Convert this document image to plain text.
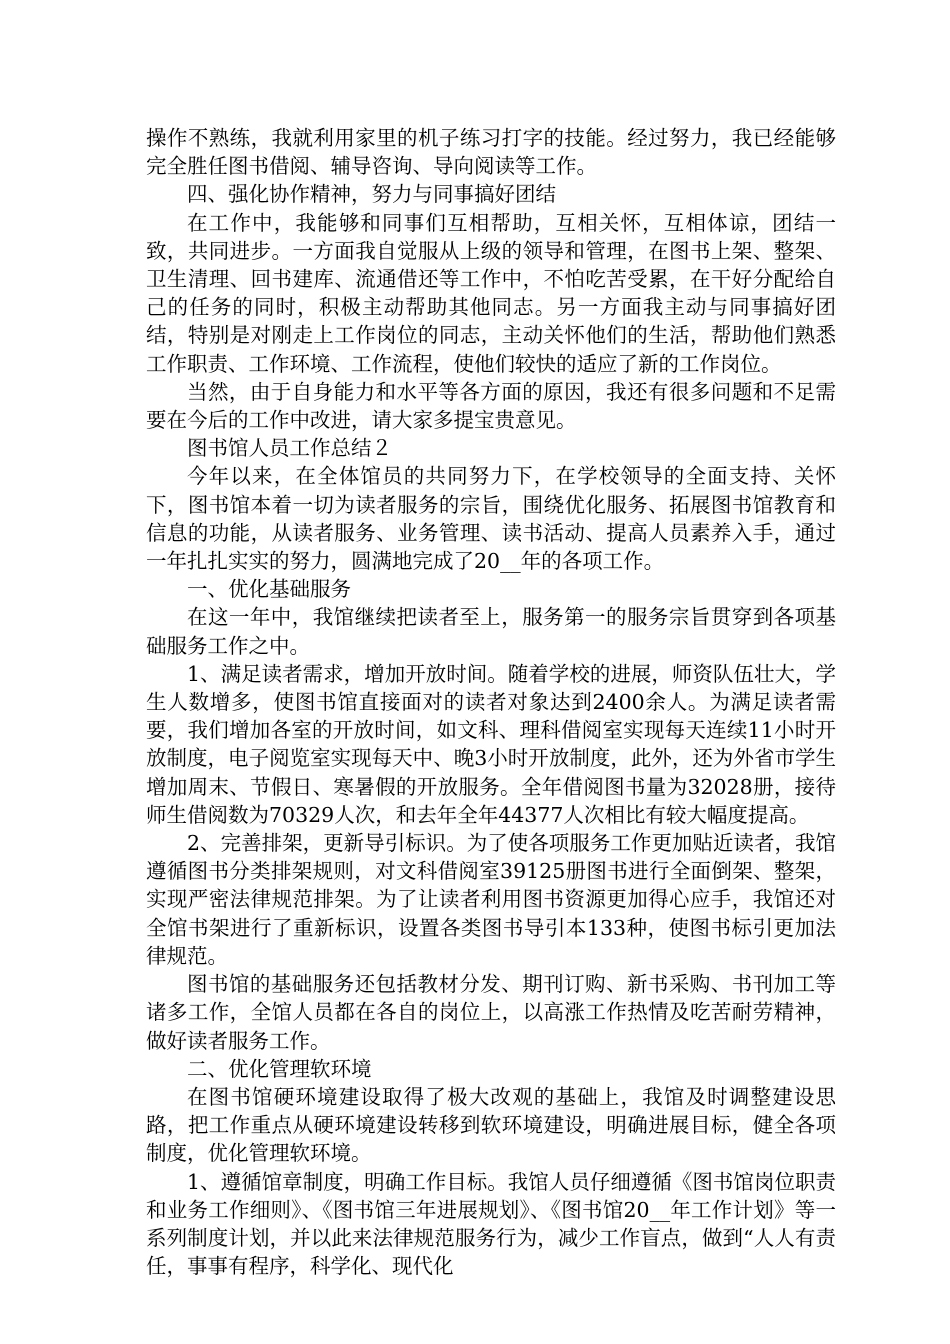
操作不熟练，我就利用家里的机子练习打字的技能。经过努力，我已经能够完全胜任图书借阅、辅导咨询、导向阅读等工作。

四、强化协作精神，努力与同事搞好团结

在工作中，我能够和同事们互相帮助，互相关怀，互相体谅，团结一致，共同进步。一方面我自觉服从上级的领导和管理，在图书上架、整架、卫生清理、回书建库、流通借还等工作中，不怕吃苦受累，在干好分配给自己的任务的同时，积极主动帮助其他同志。另一方面我主动与同事搞好团结，特别是对刚走上工作岗位的同志，主动关怀他们的生活，帮助他们熟悉工作职责、工作环境、工作流程，使他们较快的适应了新的工作岗位。

当然，由于自身能力和水平等各方面的原因，我还有很多问题和不足需要在今后的工作中改进，请大家多提宝贵意见。

图书馆人员工作总结２

今年以来，在全体馆员的共同努力下，在学校领导的全面支持、关怀下，图书馆本着一切为读者服务的宗旨，围绕优化服务、拓展图书馆教育和信息的功能，从读者服务、业务管理、读书活动、提高人员素养入手，通过一年扎扎实实的努力，圆满地完成了20__年的各项工作。

一、优化基础服务

在这一年中，我馆继续把读者至上，服务第一的服务宗旨贯穿到各项基础服务工作之中。

1、满足读者需求，增加开放时间。随着学校的进展，师资队伍壮大，学生人数增多，使图书馆直接面对的读者对象达到2400余人。为满足读者需要，我们增加各室的开放时间，如文科、理科借阅室实现每天连续11小时开放制度，电子阅览室实现每天中、晚3小时开放制度，此外，还为外省市学生增加周末、节假日、寒暑假的开放服务。全年借阅图书量为32028册，接待师生借阅数为70329人次，和去年全年44377人次相比有较大幅度提高。

2、完善排架，更新导引标识。为了使各项服务工作更加贴近读者，我馆遵循图书分类排架规则，对文科借阅室39125册图书进行全面倒架、整架，实现严密法律规范排架。为了让读者利用图书资源更加得心应手，我馆还对全馆书架进行了重新标识，设置各类图书导引本133种，使图书标引更加法律规范。

图书馆的基础服务还包括教材分发、期刊订购、新书采购、书刊加工等诸多工作，全馆人员都在各自的岗位上，以高涨工作热情及吃苦耐劳精神，做好读者服务工作。

二、优化管理软环境

在图书馆硬环境建设取得了极大改观的基础上，我馆及时调整建设思路，把工作重点从硬环境建设转移到软环境建设，明确进展目标，健全各项制度，优化管理软环境。

1、遵循馆章制度，明确工作目标。我馆人员仔细遵循《图书馆岗位职责和业务工作细则》、《图书馆三年进展规划》、《图书馆20__年工作计划》等一系列制度计划，并以此来法律规范服务行为，减少工作盲点，做到“人人有责任，事事有程序，科学化、现代化
